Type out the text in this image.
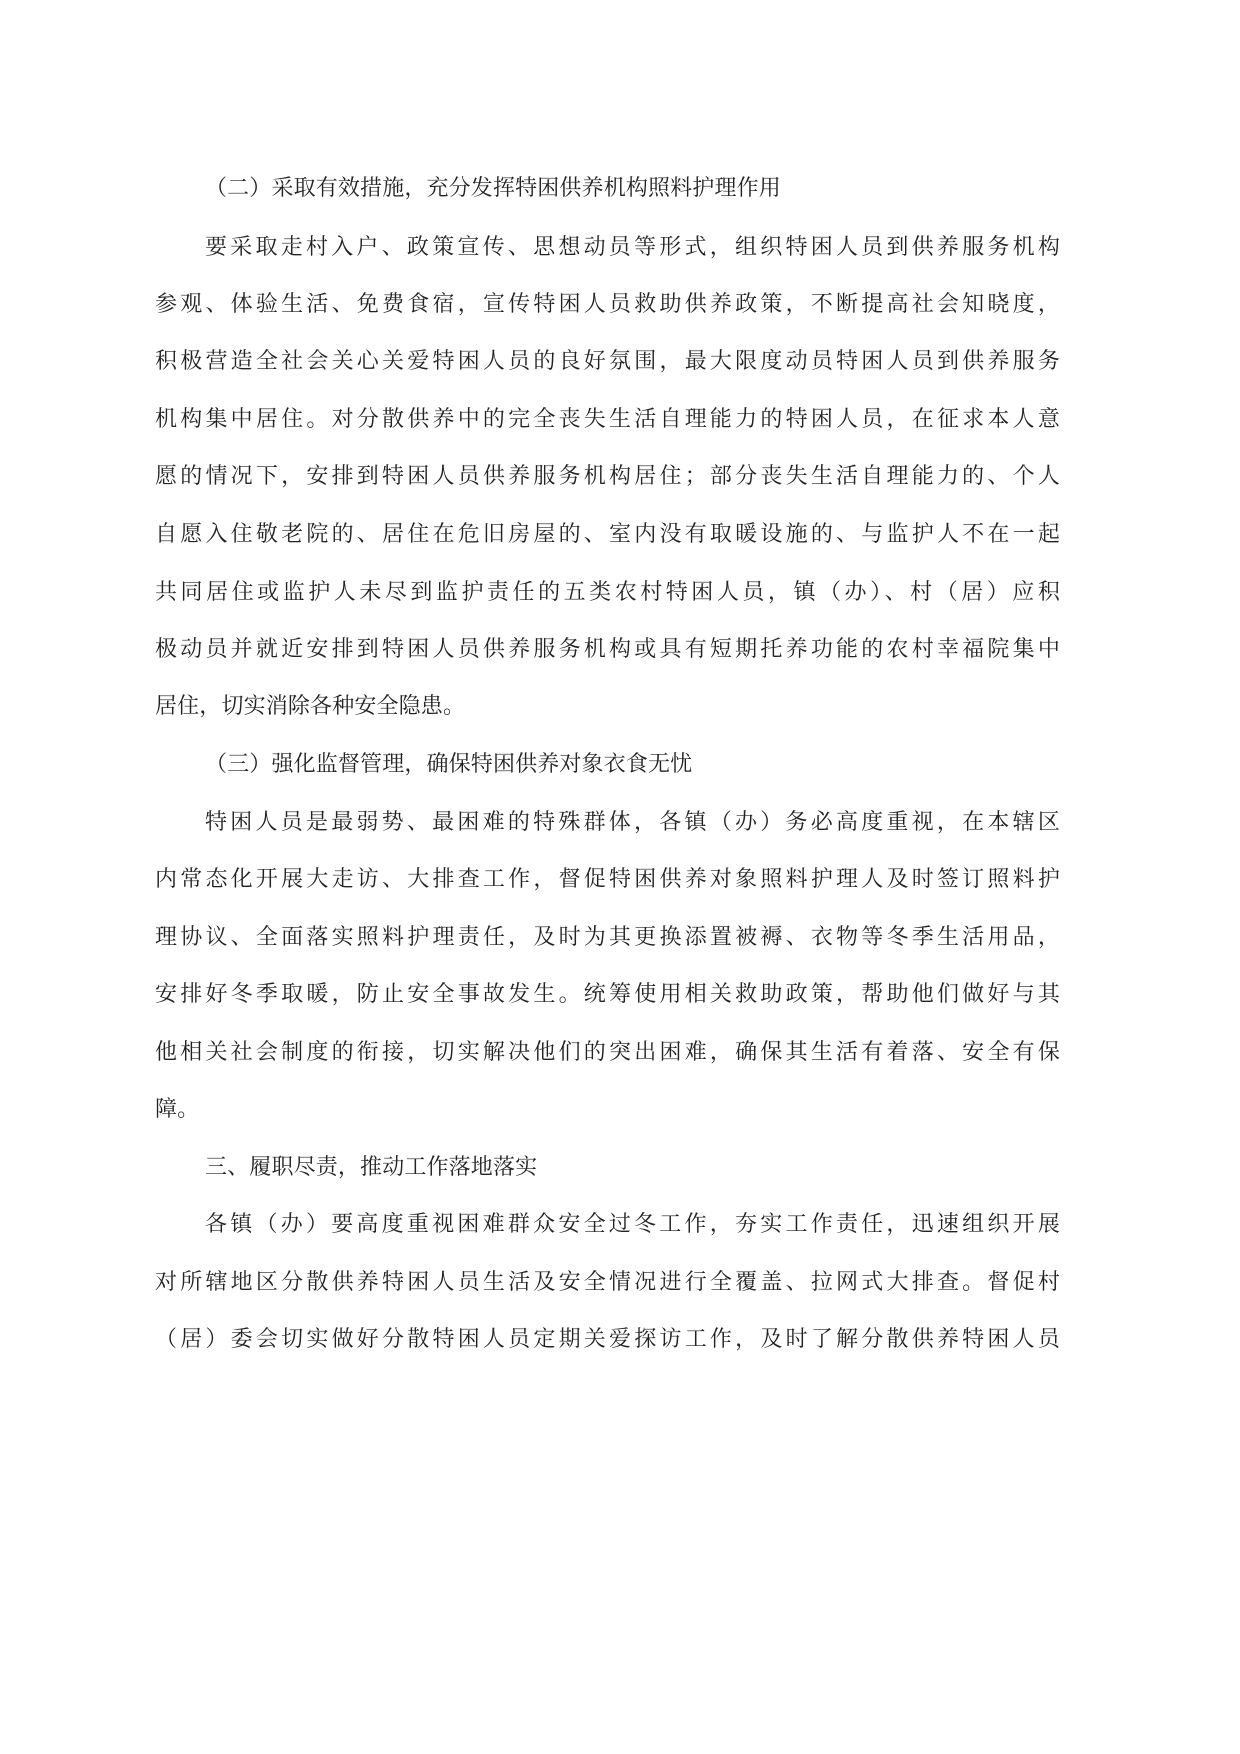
（二）采取有效措施，充分发挥特困供养机构照料护理作用
要采取走村入户、政策宣传、思想动员等形式，组织特困人员到供养服务机构
参观、体验生活、免费食宿，宣传特困人员救助供养政策，不断提高社会知晓度，
积极营造全社会关心关爱特困人员的良好氛围，最大限度动员特困人员到供养服务
机构集中居住。对分散供养中的完全丧失生活自理能力的特困人员，在征求本人意
愿的情况下，安排到特困人员供养服务机构居住；部分丧失生活自理能力的、个人
自愿入住敬老院的、居住在危旧房屋的、室内没有取暖设施的、与监护人不在一起
共同居住或监护人未尽到监护责任的五类农村特困人员，镇（办）、村（居）应积
极动员并就近安排到特困人员供养服务机构或具有短期托养功能的农村幸福院集中
居住，切实消除各种安全隐患。
（三）强化监督管理，确保特困供养对象衣食无忧
特困人员是最弱势、最困难的特殊群体，各镇（办）务必高度重视，在本辖区
内常态化开展大走访、大排查工作，督促特困供养对象照料护理人及时签订照料护
理协议、全面落实照料护理责任，及时为其更换添置被褥、衣物等冬季生活用品，
安排好冬季取暖，防止安全事故发生。统筹使用相关救助政策，帮助他们做好与其
他相关社会制度的衔接，切实解决他们的突出困难，确保其生活有着落、安全有保
障。
三、履职尽责，推动工作落地落实
各镇（办）要高度重视困难群众安全过冬工作，夯实工作责任，迅速组织开展
对所辖地区分散供养特困人员生活及安全情况进行全覆盖、拉网式大排查。督促村
（居）委会切实做好分散特困人员定期关爱探访工作，及时了解分散供养特困人员
